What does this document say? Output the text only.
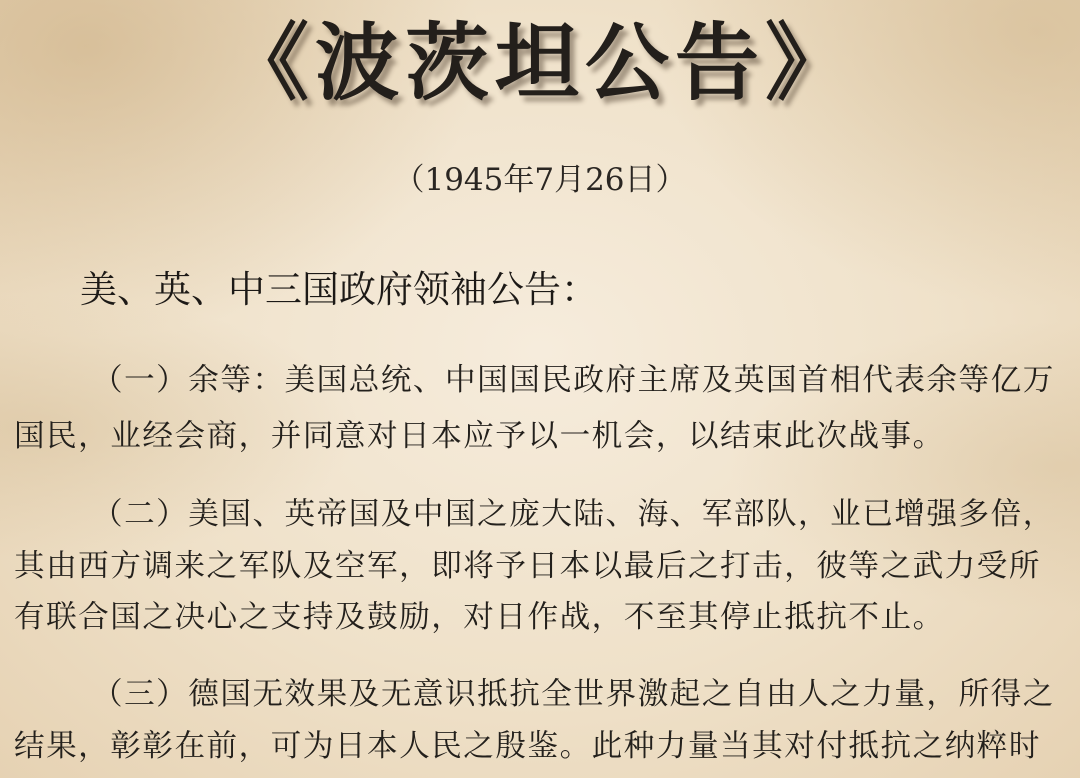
《波茨坦公告》
（1945年7月26日）
美、英、中三国政府领袖公告：
（一）余等：美国总统、中国国民政府主席及英国首相代表余等亿万
国民，业经会商，并同意对日本应予以一机会，以结束此次战事。
（二）美国、英帝国及中国之庞大陆、海、军部队，业已增强多倍，
其由西方调来之军队及空军，即将予日本以最后之打击，彼等之武力受所
有联合国之决心之支持及鼓励，对日作战，不至其停止抵抗不止。
（三）德国无效果及无意识抵抗全世界激起之自由人之力量，所得之
结果，彰彰在前，可为日本人民之殷鉴。此种力量当其对付抵抗之纳粹时
